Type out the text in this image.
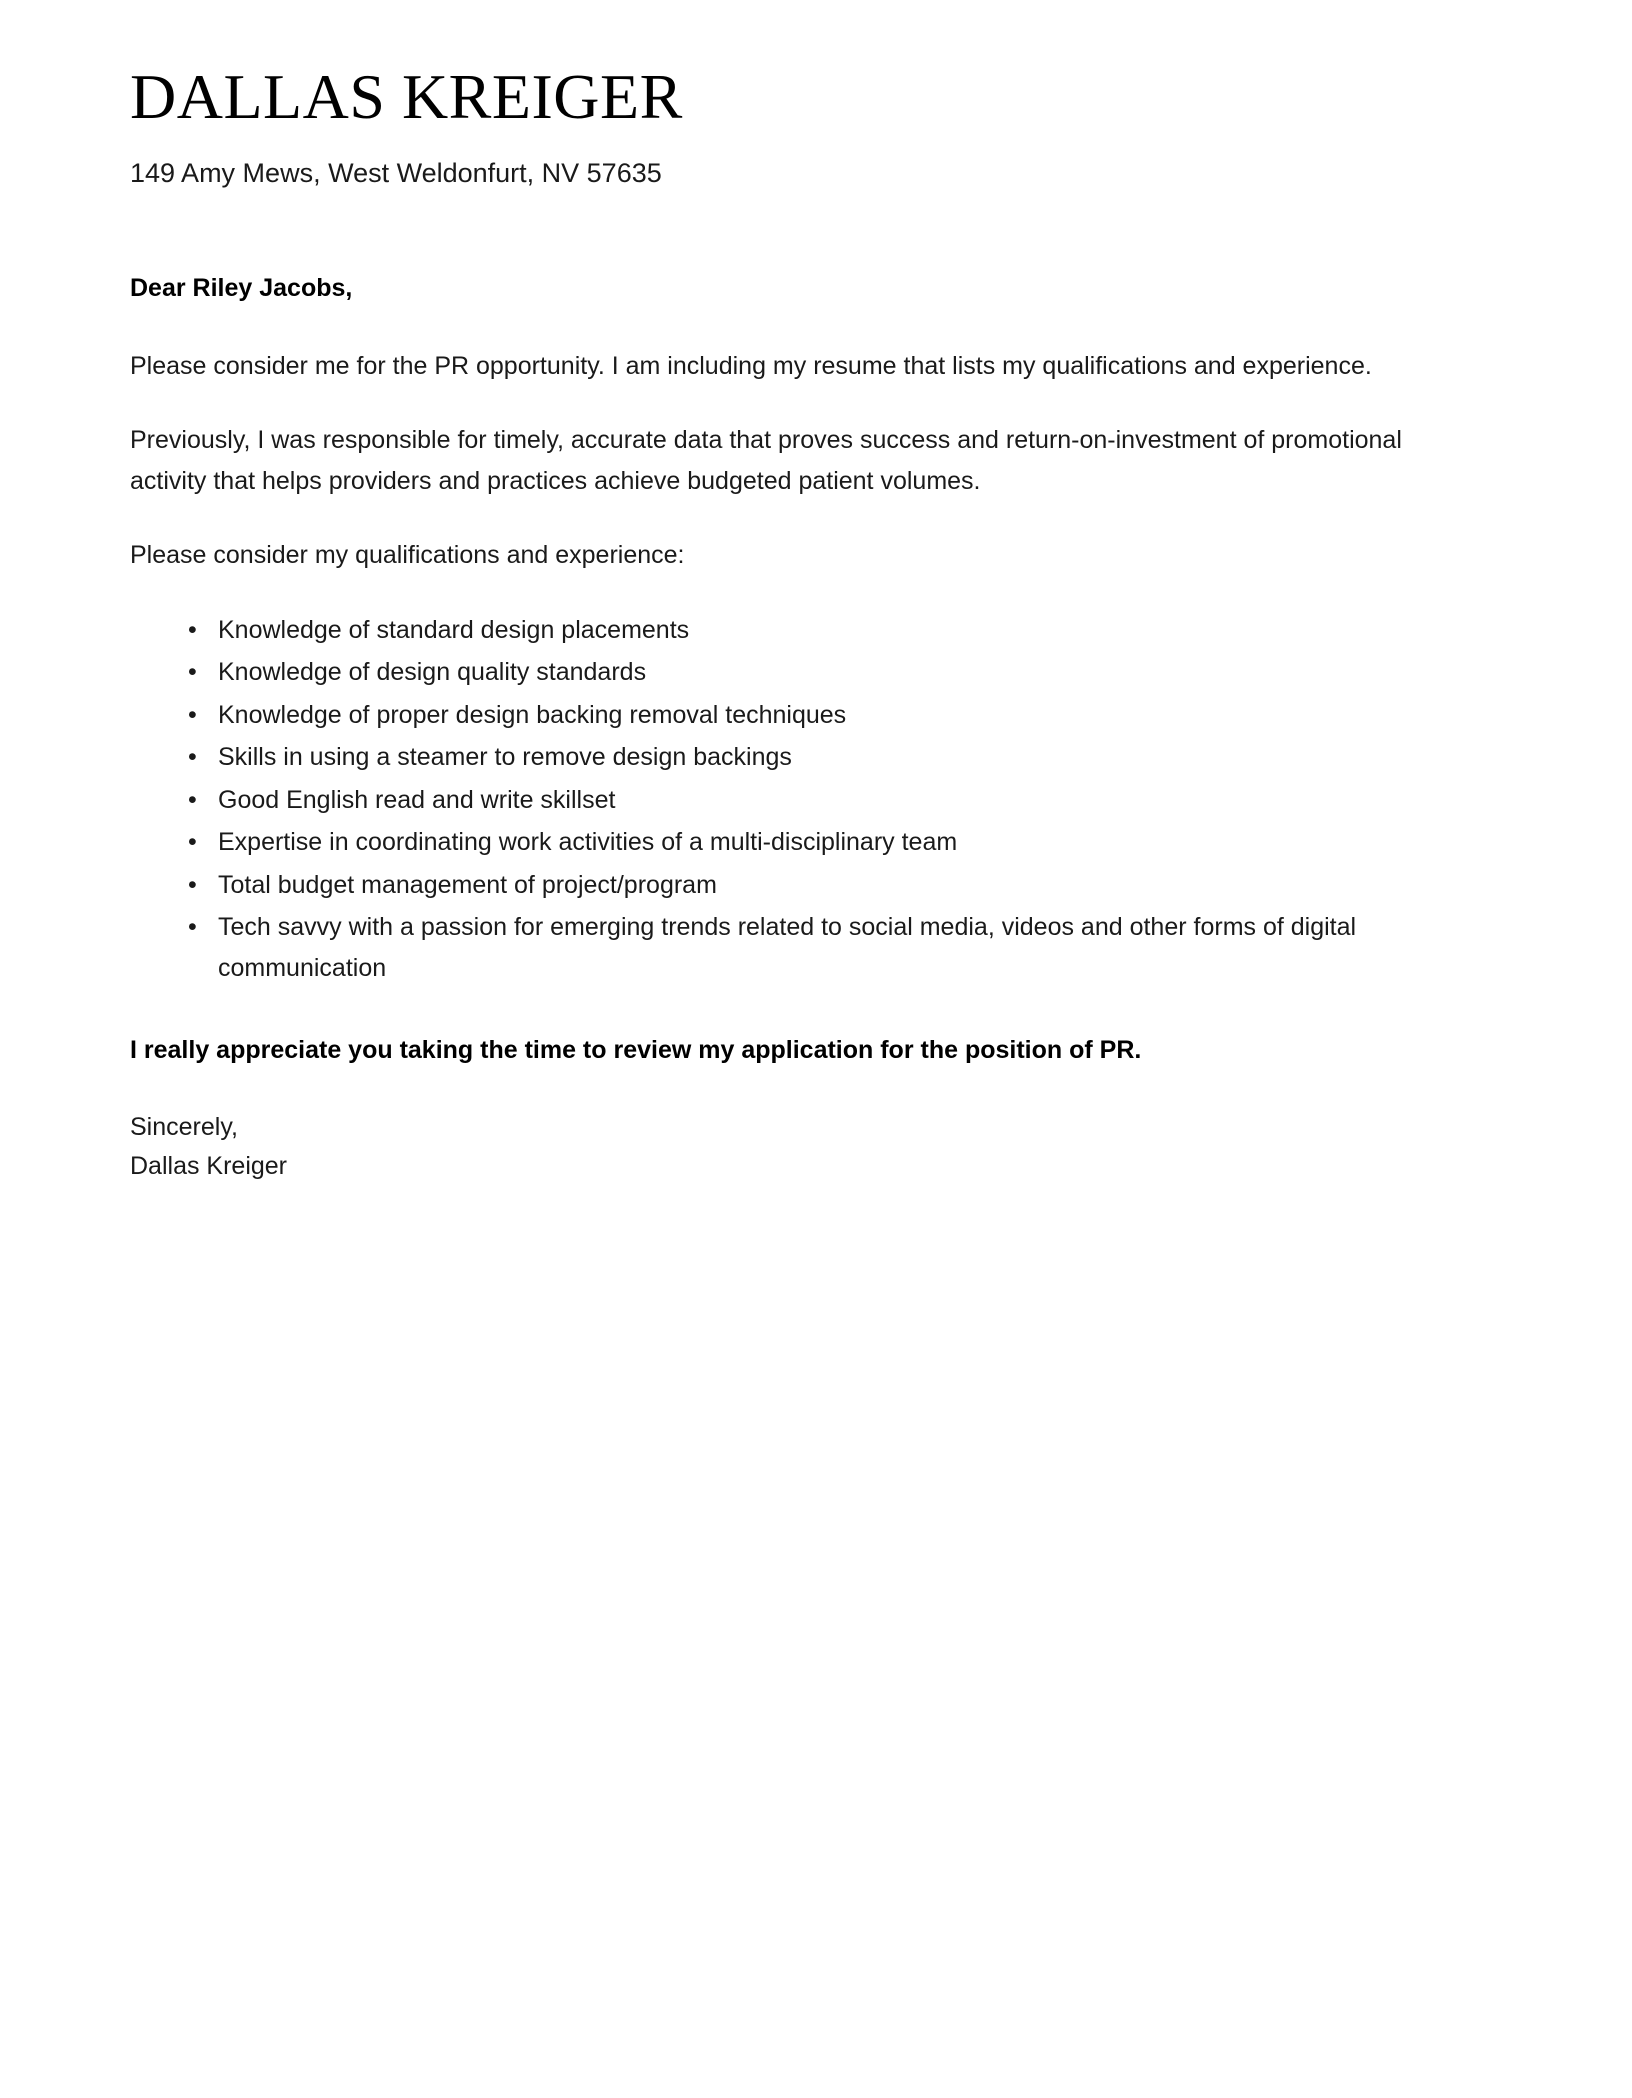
DALLAS KREIGER
149 Amy Mews, West Weldonfurt, NV 57635
Dear Riley Jacobs,

Please consider me for the PR opportunity. I am including my resume that lists my qualifications and experience.

Previously, I was responsible for timely, accurate data that proves success and return-on-investment of promotional activity that helps providers and practices achieve budgeted patient volumes.

Please consider my qualifications and experience:

• Knowledge of standard design placements
• Knowledge of design quality standards
• Knowledge of proper design backing removal techniques
• Skills in using a steamer to remove design backings
• Good English read and write skillset
• Expertise in coordinating work activities of a multi-disciplinary team
• Total budget management of project/program
• Tech savvy with a passion for emerging trends related to social media, videos and other forms of digital communication
I really appreciate you taking the time to review my application for the position of PR.
Sincerely,
Dallas Kreiger
